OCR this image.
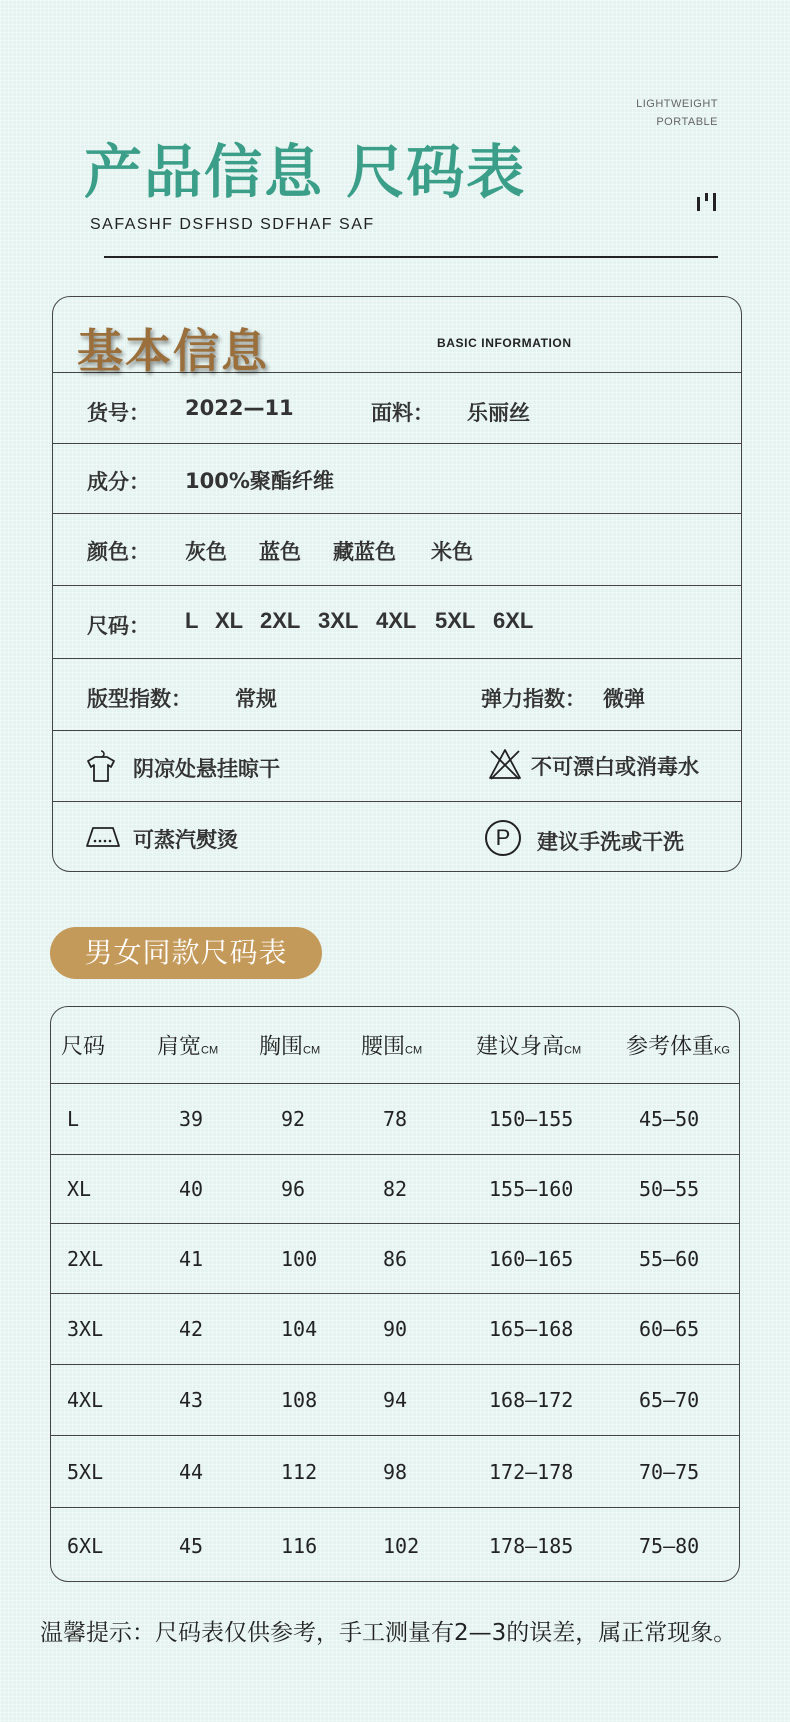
LIGHTWEIGHT
PORTABLE
产品信息 尺码表
SAFASHF DSFHSD SDFHAF SAF
基本信息	BASIC INFORMATION
货号： 2022—11	面料： 乐丽丝
成分： 100%聚酯纤维
颜色： 灰色 蓝色 藏蓝色 米色
尺码： L XL 2XL 3XL 4XL 5XL 6XL
版型指数： 常规	弹力指数： 微弹
阴凉处悬挂晾干	不可漂白或消毒水
可蒸汽熨烫	P	建议手洗或干洗
男女同款尺码表
尺码 肩宽CM 胸围CM 腰围CM 建议身高CM 参考体重KG
L	39	92	78	150—155	45—50
XL	40	96	82	155—160	50—55
2XL	41	100	86	160—165	55—60
3XL	42	104	90	165—168	60—65
4XL	43	108	94	168—172	65—70
5XL	44	112	98	172—178	70—75
6XL	45	116	102	178—185	75—80
温馨提示：尺码表仅供参考，手工测量有2—3的误差，属正常现象。
